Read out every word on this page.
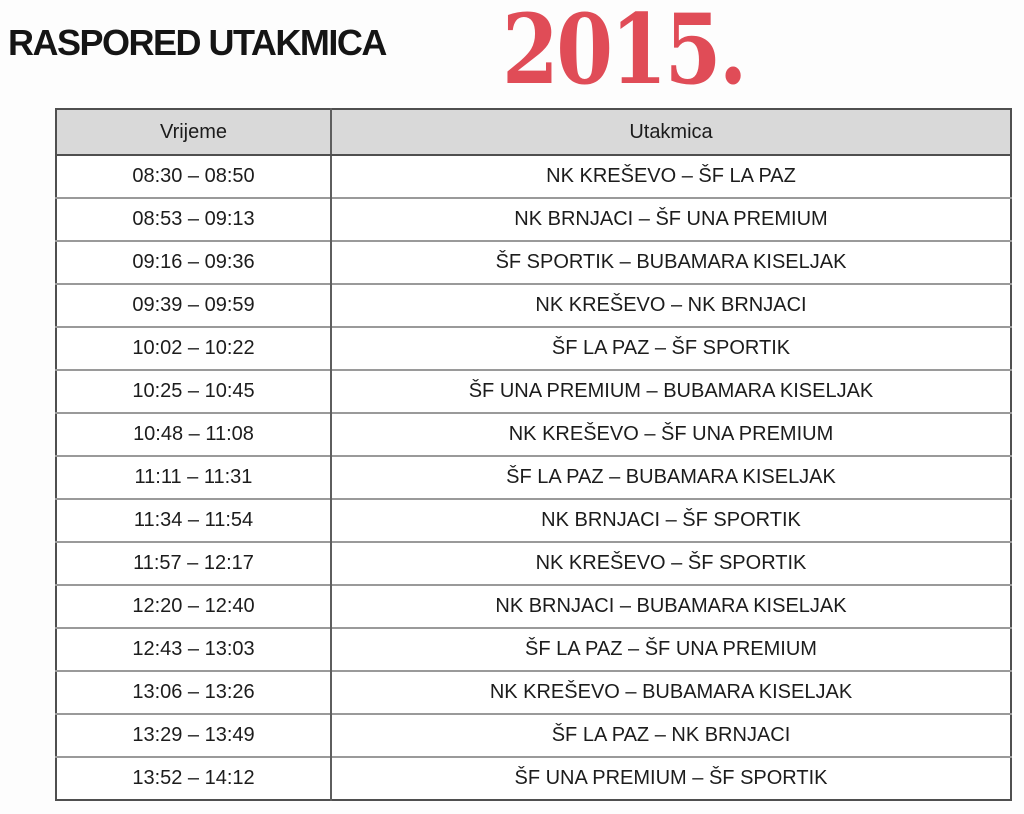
RASPORED UTAKMICA 2015.
Vrijeme	Utakmica
08:30 – 08:50	NK KREŠEVO – ŠF LA PAZ
08:53 – 09:13	NK BRNJACI – ŠF UNA PREMIUM
09:16 – 09:36	ŠF SPORTIK – BUBAMARA KISELJAK
09:39 – 09:59	NK KREŠEVO – NK BRNJACI
10:02 – 10:22	ŠF LA PAZ – ŠF SPORTIK
10:25 – 10:45	ŠF UNA PREMIUM – BUBAMARA KISELJAK
10:48 – 11:08	NK KREŠEVO – ŠF UNA PREMIUM
11:11 – 11:31	ŠF LA PAZ – BUBAMARA KISELJAK
11:34 – 11:54	NK BRNJACI – ŠF SPORTIK
11:57 – 12:17	NK KREŠEVO – ŠF SPORTIK
12:20 – 12:40	NK BRNJACI – BUBAMARA KISELJAK
12:43 – 13:03	ŠF LA PAZ – ŠF UNA PREMIUM
13:06 – 13:26	NK KREŠEVO – BUBAMARA KISELJAK
13:29 – 13:49	ŠF LA PAZ – NK BRNJACI
13:52 – 14:12	ŠF UNA PREMIUM – ŠF SPORTIK
